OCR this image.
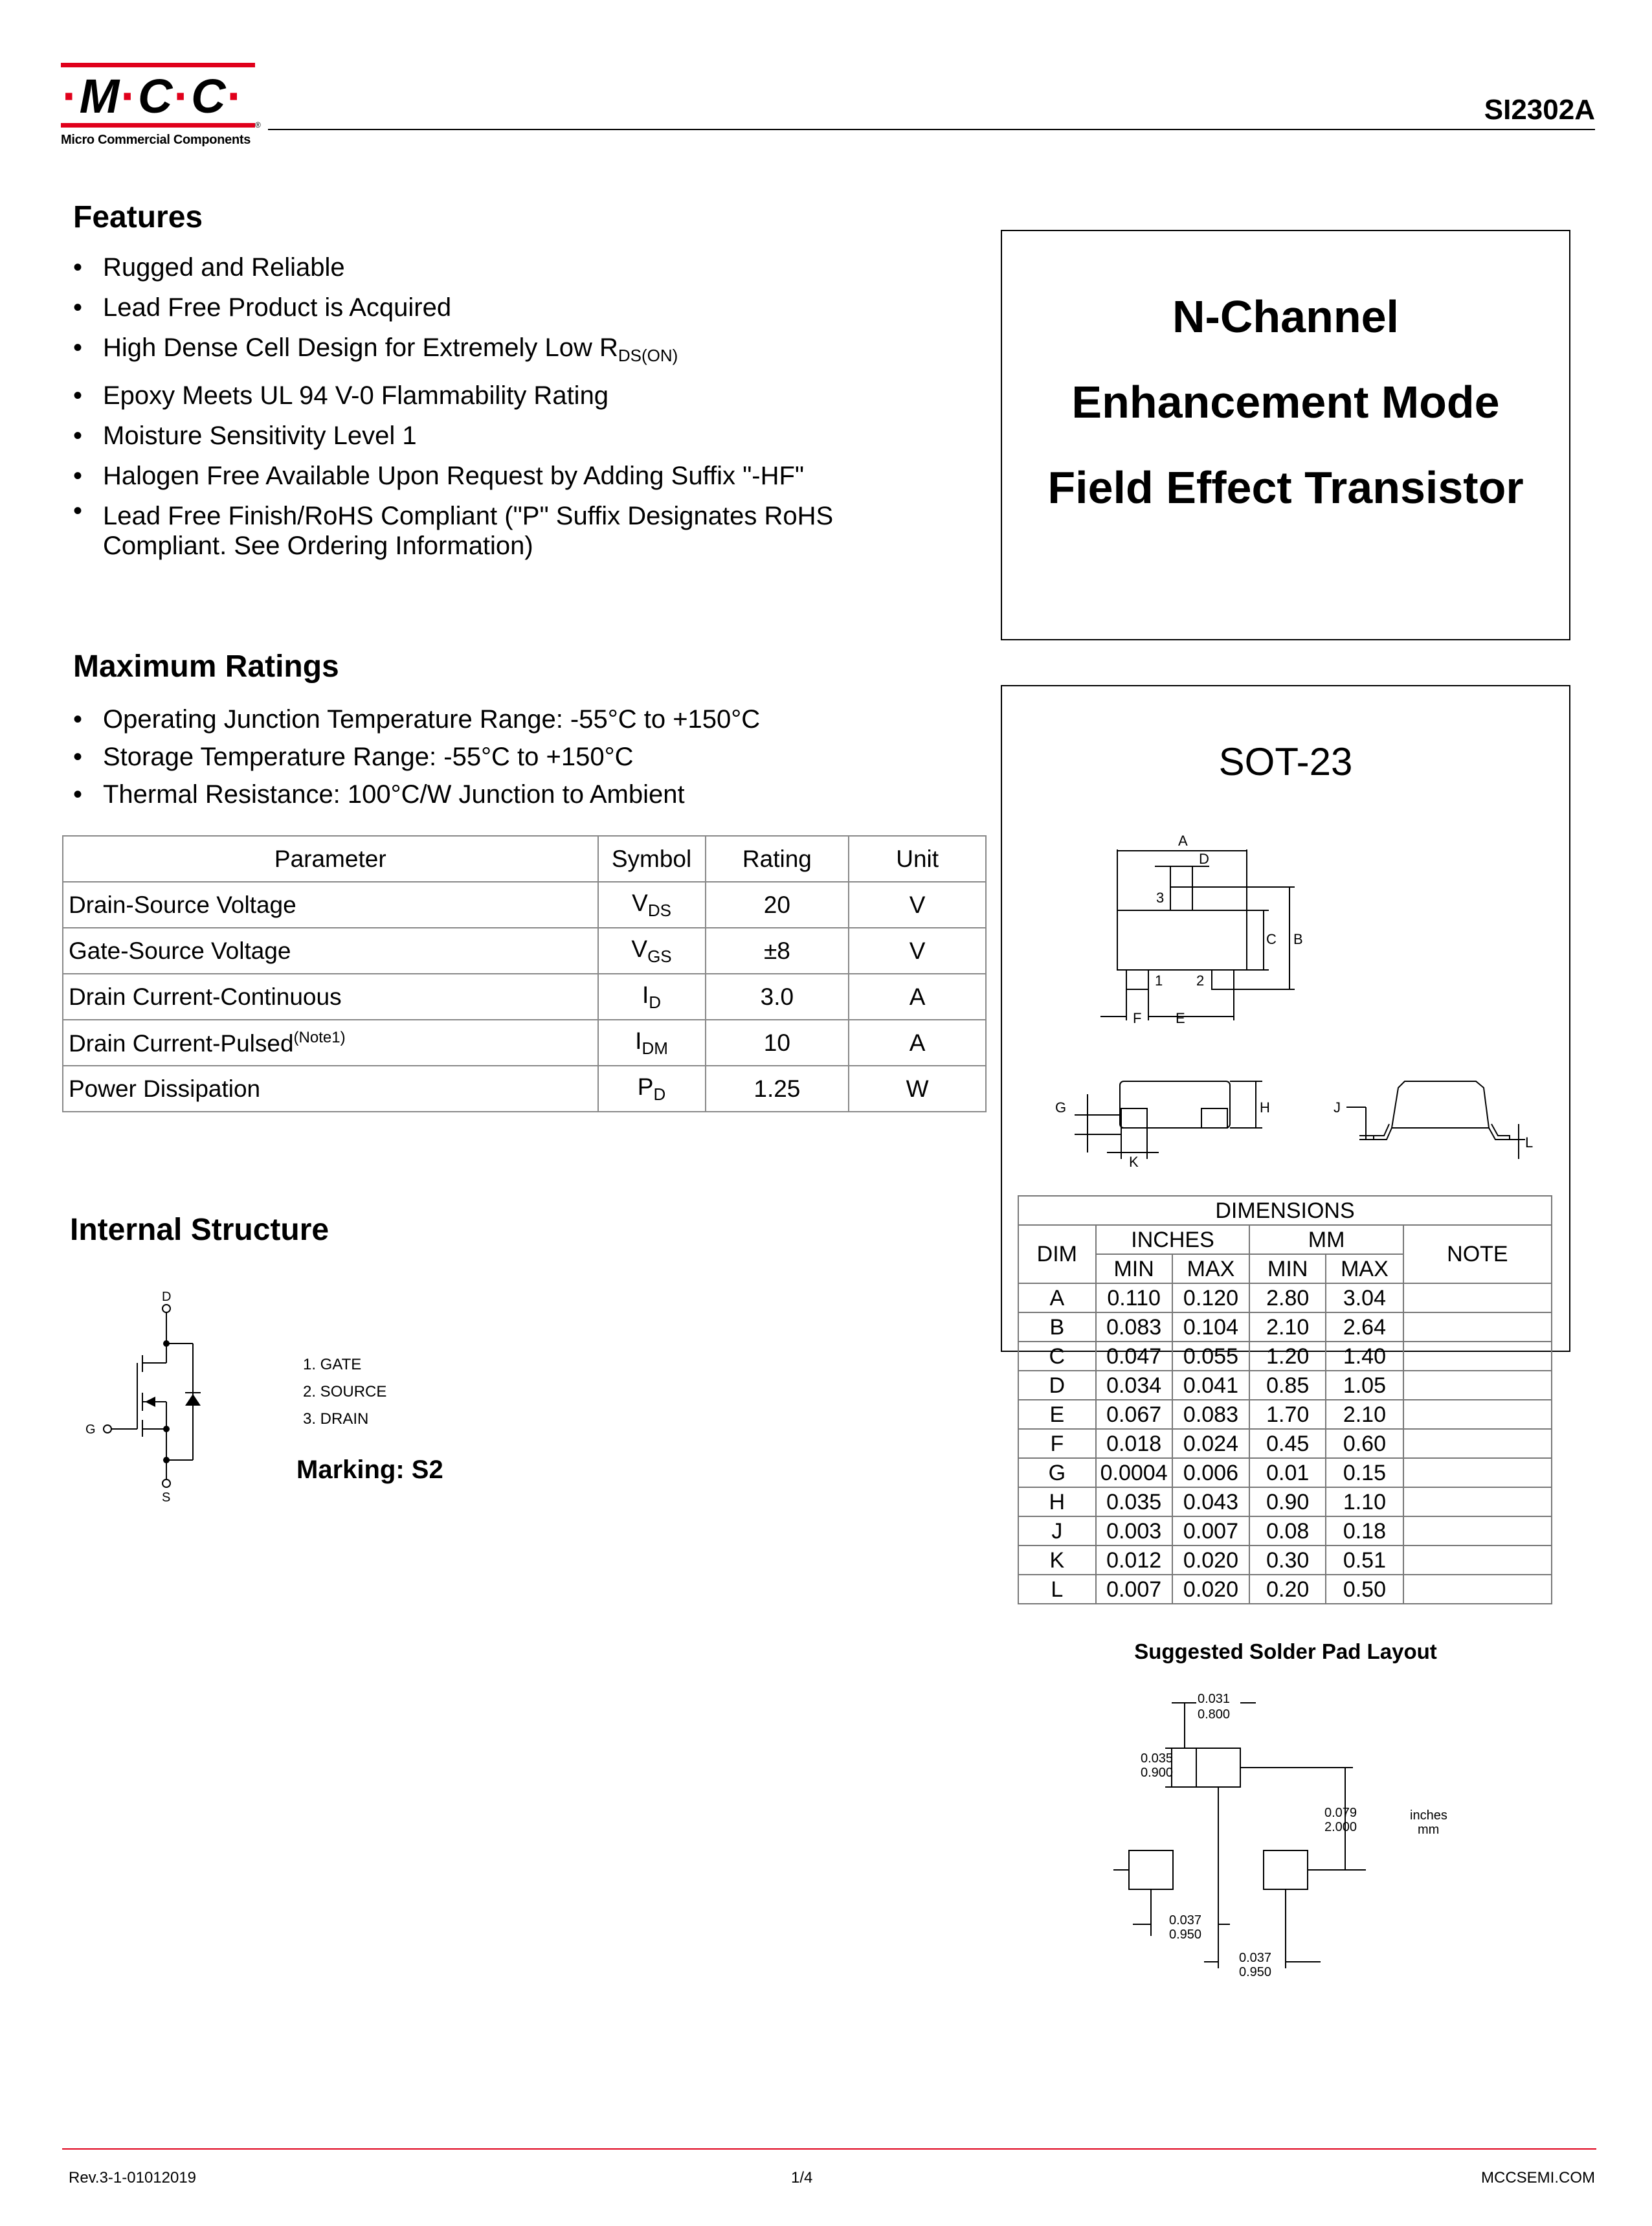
·M·C·C·
Micro Commercial Components
®	SI2302A
Features
• Rugged and Reliable
• Lead Free Product is Acquired
• High Dense Cell Design for Extremely Low $R_{DS(ON)}$
• Epoxy Meets UL 94 V-0 Flammability Rating
• Moisture Sensitivity Level 1
• Halogen Free Available Upon Request by Adding Suffix "-HF"
• Lead Free Finish/RoHS Compliant ("P" Suffix Designates RoHS
Compliant. See Ordering Information)
N-Channel
Enhancement Mode
Field Effect Transistor
Maximum Ratings
• Operating Junction Temperature Range: -55°C to +150°C
• Storage Temperature Range: -55°C to +150°C
• Thermal Resistance: 100°C/W Junction to Ambient
Parameter	Symbol	Rating	Unit
Drain-Source Voltage	$V_{DS}$	20	V
Gate-Source Voltage	$V_{GS}$	±8	V
Drain Current-Continuous	$I_D$	3.0	A
Drain Current-Pulsed$^{(Note1)}$	$I_{DM}$	10	A
Power Dissipation	$P_D$	1.25	W
SOT-23
A
D
3
C B
1 2
F E
G	H
K
J
L
DIMENSIONS					
DIM	INCHES		MM		NOTE
	MIN	MAX	MIN	MAX	
A	0.110	0.120	2.80	3.04	
B	0.083	0.104	2.10	2.64	
C	0.047	0.055	1.20	1.40	
D	0.034	0.041	0.85	1.05	
E	0.067	0.083	1.70	2.10	
F	0.018	0.024	0.45	0.60	
G	0.0004	0.006	0.01	0.15	
H	0.035	0.043	0.90	1.10	
J	0.003	0.007	0.08	0.18	
K	0.012	0.020	0.30	0.51	
L	0.007	0.020	0.20	0.50	
Suggested Solder Pad Layout
0.031
0.800
0.035
0.900
0.079
2.000
inches
mm
0.037
0.950
0.037
0.950
Internal Structure
D
G
S
1. GATE
2. SOURCE
3. DRAIN
Marking: S2
Rev.3-1-01012019	1/4	MCCSEMI.COM
